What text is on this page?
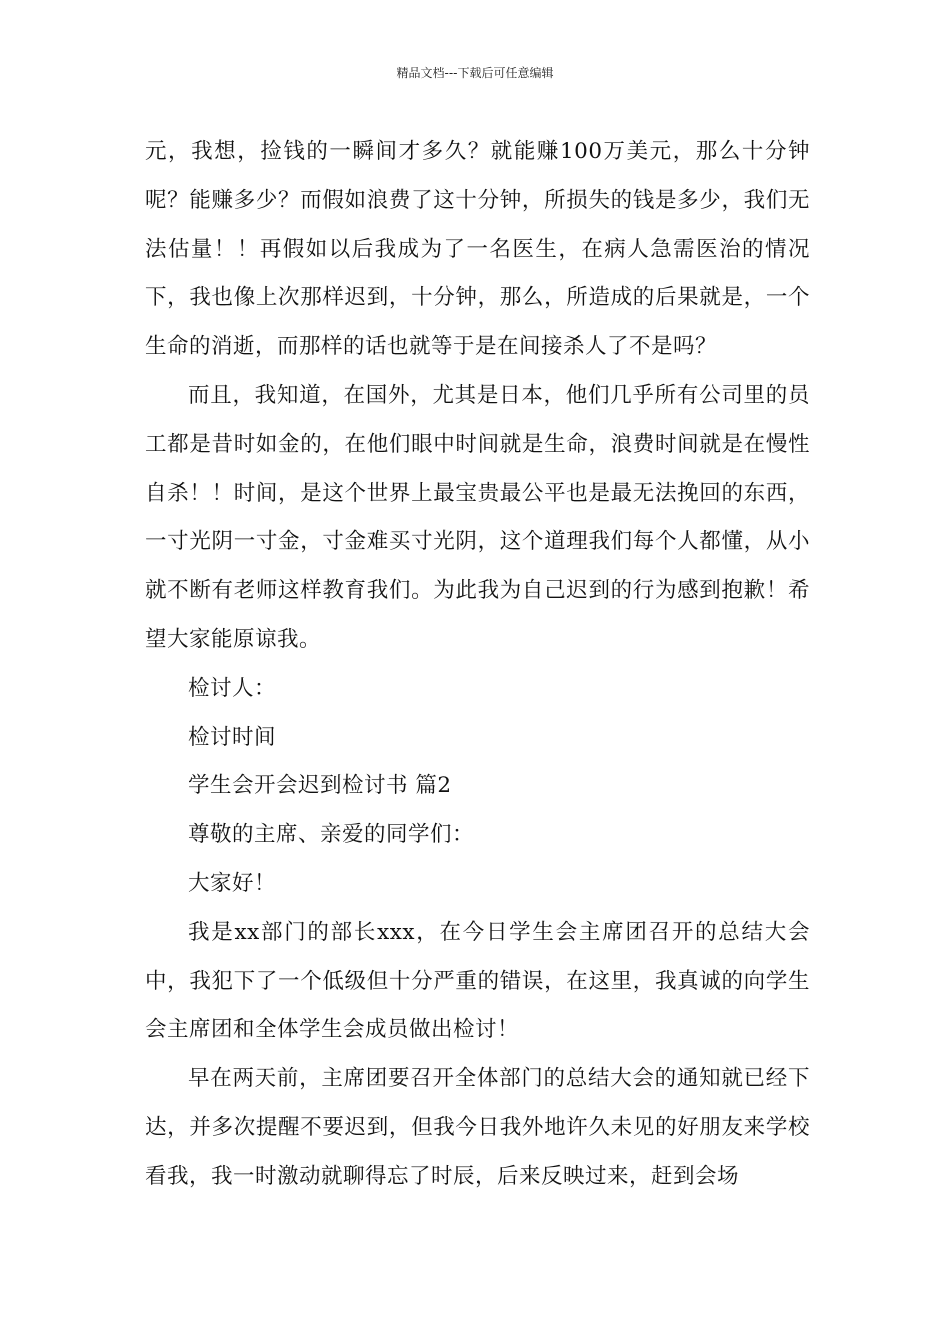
精品文档---下载后可任意编辑

元，我想，捡钱的一瞬间才多久？就能赚100万美元，那么十分钟呢？能赚多少？而假如浪费了这十分钟，所损失的钱是多少，我们无法估量！！再假如以后我成为了一名医生，在病人急需医治的情况下，我也像上次那样迟到，十分钟，那么，所造成的后果就是，一个生命的消逝，而那样的话也就等于是在间接杀人了不是吗？

而且，我知道，在国外，尤其是日本，他们几乎所有公司里的员工都是昔时如金的，在他们眼中时间就是生命，浪费时间就是在慢性自杀！！时间，是这个世界上最宝贵最公平也是最无法挽回的东西，一寸光阴一寸金，寸金难买寸光阴，这个道理我们每个人都懂，从小就不断有老师这样教育我们。为此我为自己迟到的行为感到抱歉！希望大家能原谅我。

检讨人：

检讨时间

学生会开会迟到检讨书 篇2

尊敬的主席、亲爱的同学们：

大家好！

我是xx部门的部长xxx，在今日学生会主席团召开的总结大会中，我犯下了一个低级但十分严重的错误，在这里，我真诚的向学生会主席团和全体学生会成员做出检讨！

早在两天前，主席团要召开全体部门的总结大会的通知就已经下达，并多次提醒不要迟到，但我今日我外地许久未见的好朋友来学校看我，我一时激动就聊得忘了时辰，后来反映过来，赶到会场
